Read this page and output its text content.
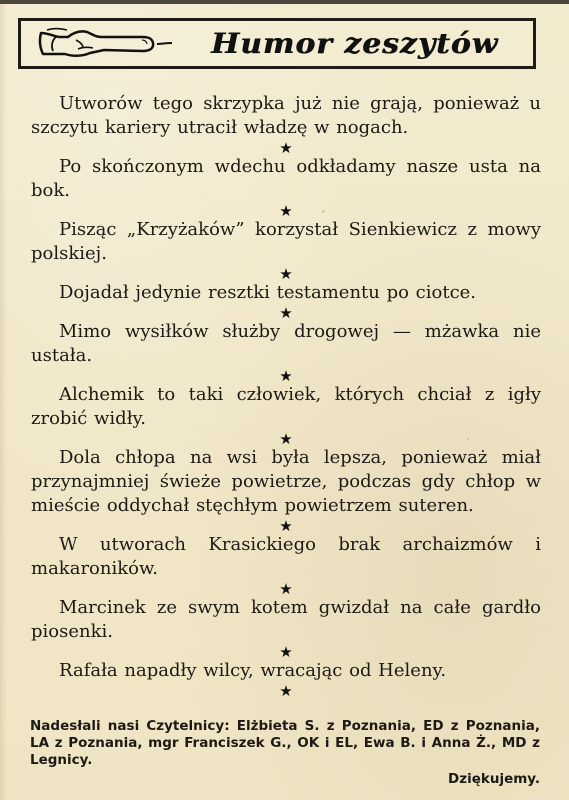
Humor zeszytów

Utworów tego skrzypka już nie grają, ponieważ u szczytu kariery utracił władzę w nogach.

★

Po skończonym wdechu odkładamy nasze usta na bok.

★

Pisząc „Krzyżaków” korzystał Sienkiewicz z mowy polskiej.

★

Dojadał jedynie resztki testamentu po ciotce.

★

Mimo wysiłków służby drogowej — mżawka nie ustała.

★

Alchemik to taki człowiek, których chciał z igły zrobić widły.

★

Dola chłopa na wsi była lepsza, ponieważ miał przynajmniej świeże powietrze, podczas gdy chłop w mieście oddychał stęchłym powietrzem suteren.

★

W utworach Krasickiego brak archaizmów i makaroników.

★

Marcinek ze swym kotem gwizdał na całe gardło piosenki.

★

Rafała napadły wilcy, wracając od Heleny.

★
Nadesłali nasi Czytelnicy: Elżbieta S. z Poznania, ED z Poznania, LA z Poznania, mgr Franciszek G., OK i EL, Ewa B. i Anna Ż., MD z Legnicy.
Dziękujemy.
